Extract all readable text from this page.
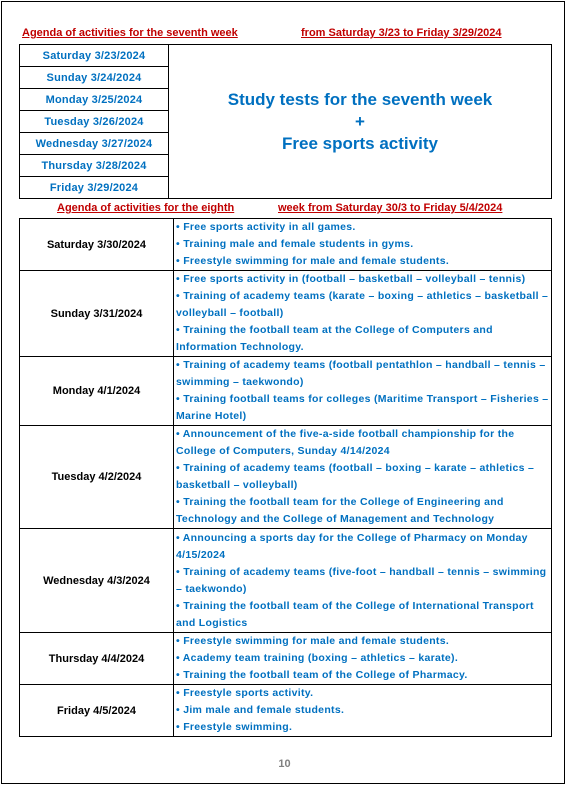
Agenda of activities for the seventh week	from Saturday 3/23 to Friday 3/29/2024
Saturday 3/23/2024	
Study tests for the seventh week
+
Free sports activity

Sunday 3/24/2024
Monday 3/25/2024
Tuesday 3/26/2024
Wednesday 3/27/2024
Thursday 3/28/2024
Friday 3/29/2024
Agenda of activities for the eighth	week from Saturday 30/3 to Friday 5/4/2024
Saturday 3/30/2024	• Free sports activity in all games.
• Training male and female students in gyms.
• Freestyle swimming for male and female students.

Sunday 3/31/2024	• Free sports activity in (football – basketball – volleyball – tennis)
• Training of academy teams (karate – boxing – athletics – basketball – volleyball – football)
• Training the football team at the College of Computers and Information Technology.

Monday 4/1/2024	• Training of academy teams (football pentathlon – handball – tennis – swimming – taekwondo)
• Training football teams for colleges (Maritime Transport – Fisheries – Marine Hotel)

Tuesday 4/2/2024	• Announcement of the five-a-side football championship for the College of Computers, Sunday 4/14/2024
• Training of academy teams (football – boxing – karate – athletics – basketball – volleyball)
• Training the football team for the College of Engineering and Technology and the College of Management and Technology

Wednesday 4/3/2024	• Announcing a sports day for the College of Pharmacy on Monday 4/15/2024
• Training of academy teams (five-foot – handball – tennis – swimming – taekwondo)
• Training the football team of the College of International Transport and Logistics

Thursday 4/4/2024	• Freestyle swimming for male and female students.
• Academy team training (boxing – athletics – karate).
• Training the football team of the College of Pharmacy.

Friday 4/5/2024	• Freestyle sports activity.
• Jim male and female students.
• Freestyle swimming.
10
